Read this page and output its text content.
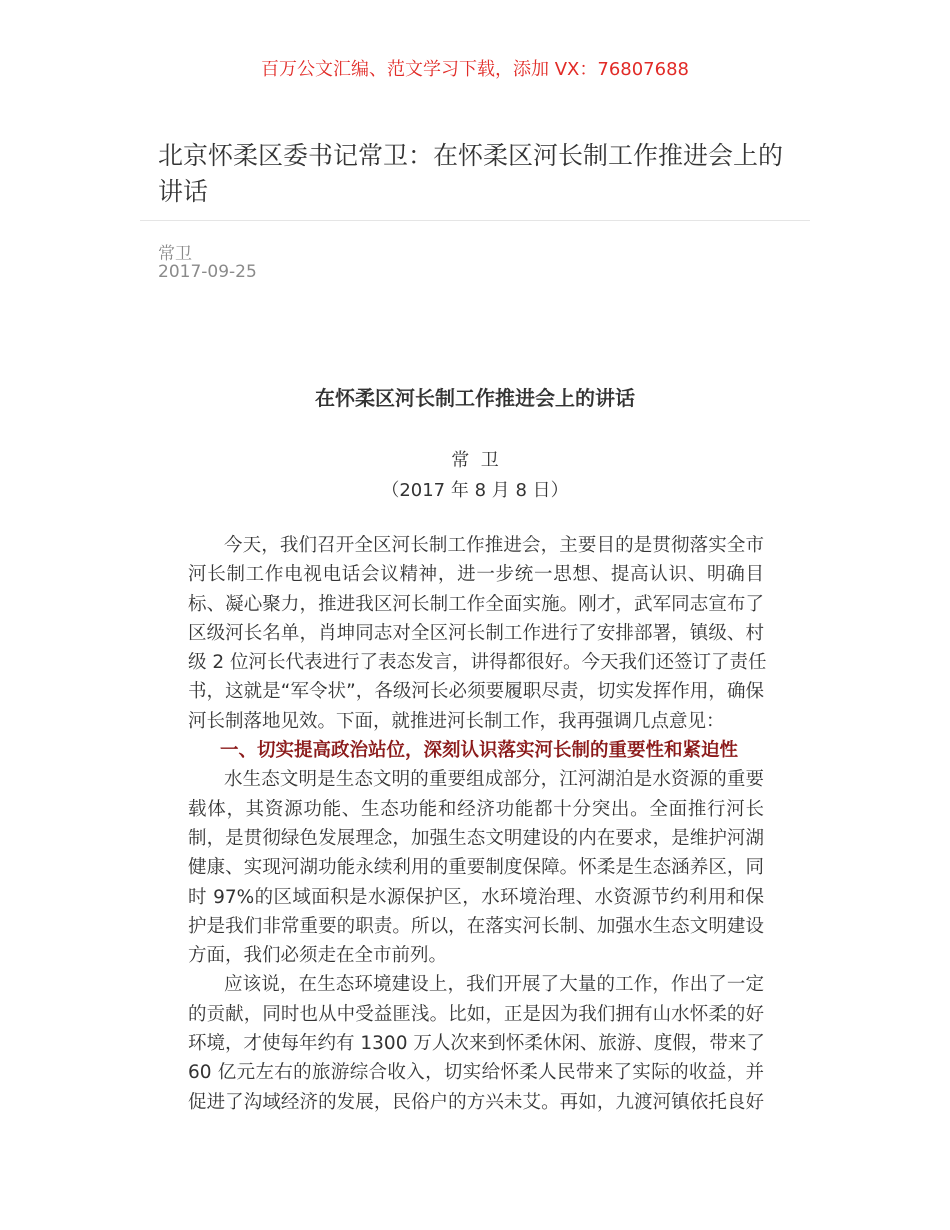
百万公文汇编、范文学习下载，添加 VX：76807688
北京怀柔区委书记常卫：在怀柔区河长制工作推进会上的讲话
常卫
2017-09-25
在怀柔区河长制工作推进会上的讲话
常  卫
（2017 年 8 月 8 日）
今天，我们召开全区河长制工作推进会，主要目的是贯彻落实全市
河长制工作电视电话会议精神，进一步统一思想、提高认识、明确目
标、凝心聚力，推进我区河长制工作全面实施。刚才，武军同志宣布了
区级河长名单，肖坤同志对全区河长制工作进行了安排部署，镇级、村
级 2 位河长代表进行了表态发言，讲得都很好。今天我们还签订了责任
书，这就是“军令状”，各级河长必须要履职尽责，切实发挥作用，确保
河长制落地见效。下面，就推进河长制工作，我再强调几点意见：
一、切实提高政治站位，深刻认识落实河长制的重要性和紧迫性
水生态文明是生态文明的重要组成部分，江河湖泊是水资源的重要
载体，其资源功能、生态功能和经济功能都十分突出。全面推行河长
制，是贯彻绿色发展理念，加强生态文明建设的内在要求，是维护河湖
健康、实现河湖功能永续利用的重要制度保障。怀柔是生态涵养区，同
时 97%的区域面积是水源保护区，水环境治理、水资源节约利用和保
护是我们非常重要的职责。所以，在落实河长制、加强水生态文明建设
方面，我们必须走在全市前列。
应该说，在生态环境建设上，我们开展了大量的工作，作出了一定
的贡献，同时也从中受益匪浅。比如，正是因为我们拥有山水怀柔的好
环境，才使每年约有 1300 万人次来到怀柔休闲、旅游、度假，带来了
60 亿元左右的旅游综合收入，切实给怀柔人民带来了实际的收益，并
促进了沟域经济的发展，民俗户的方兴未艾。再如，九渡河镇依托良好
